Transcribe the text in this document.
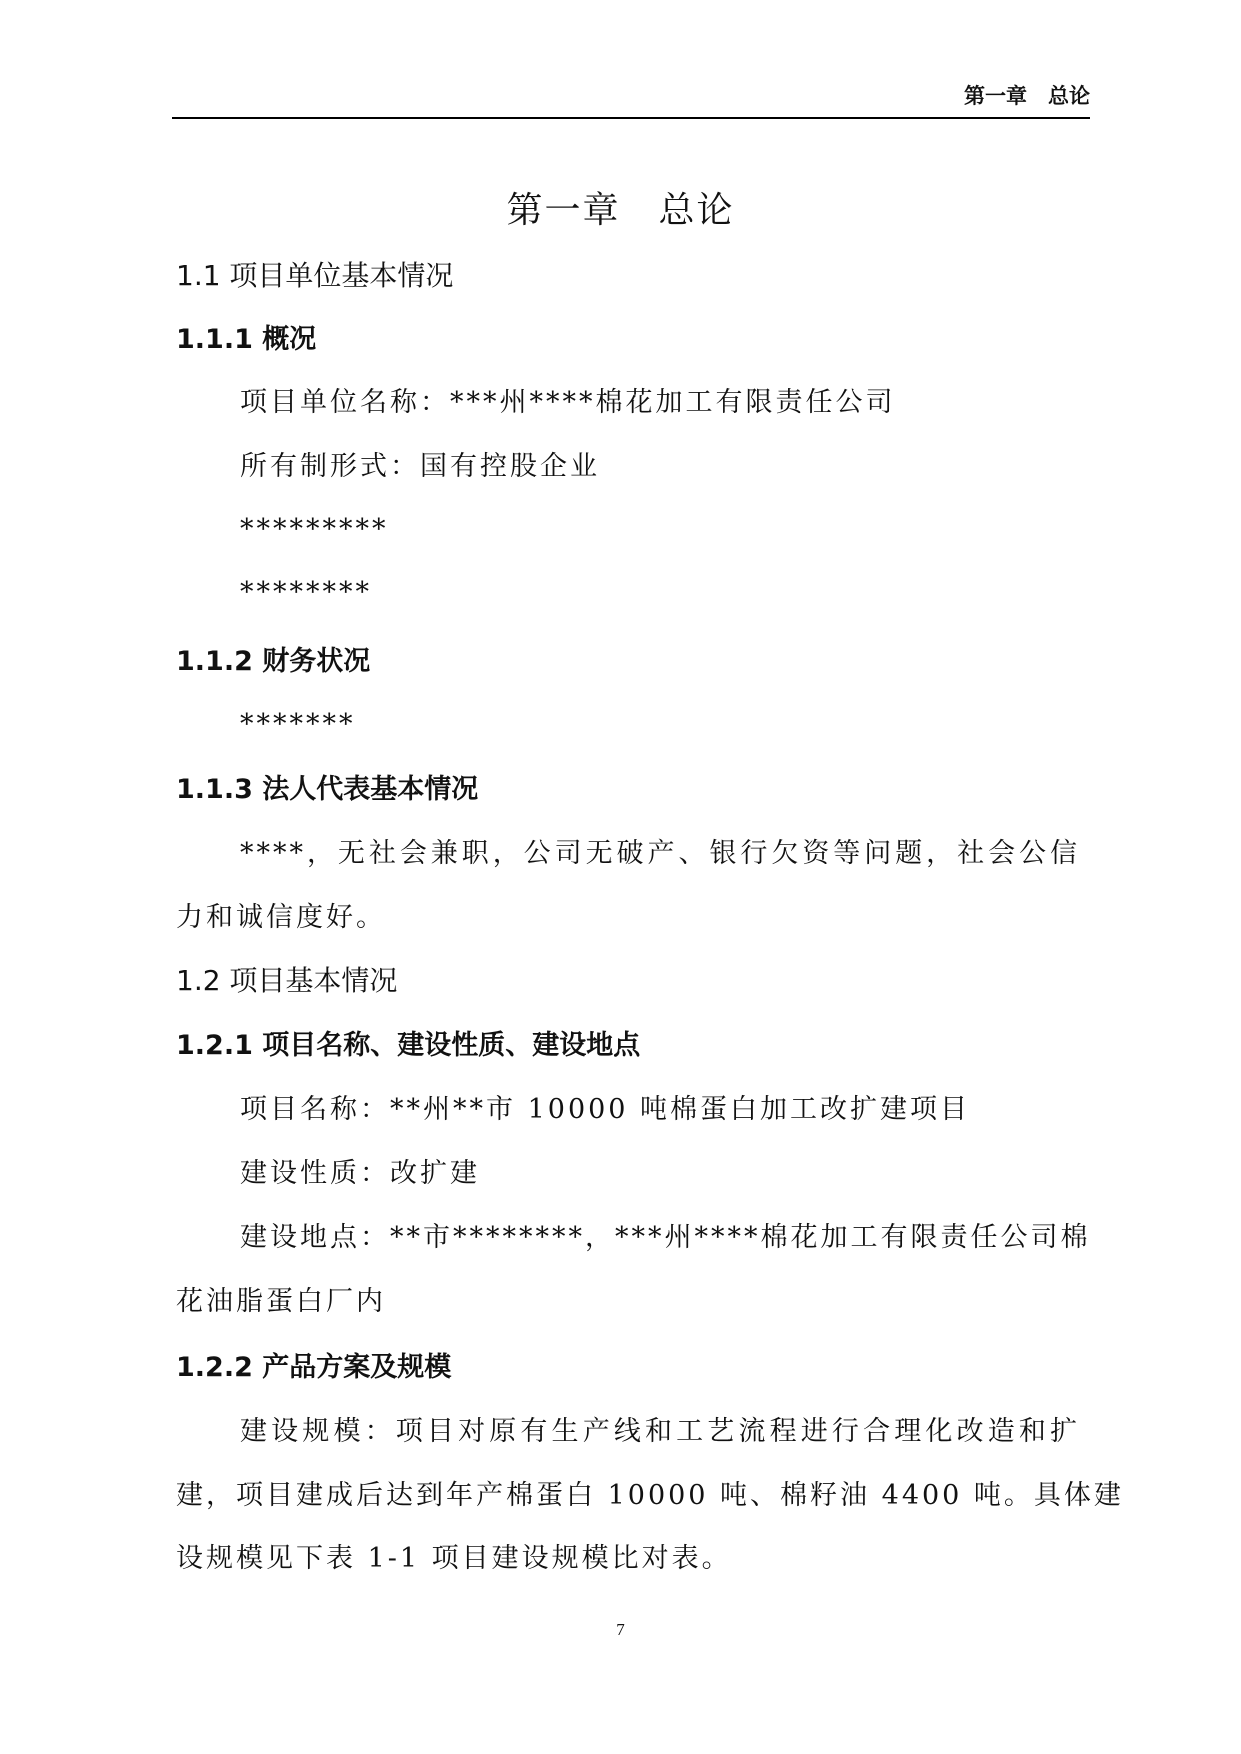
第一章　总论
第一章　总论
1.1 项目单位基本情况
1.1.1 概况
项目单位名称：***州****棉花加工有限责任公司
所有制形式：国有控股企业
*********
********
1.1.2 财务状况
*******
1.1.3 法人代表基本情况
****，无社会兼职，公司无破产、银行欠资等问题，社会公信
力和诚信度好。
1.2 项目基本情况
1.2.1 项目名称、建设性质、建设地点
项目名称：**州**市 10000 吨棉蛋白加工改扩建项目
建设性质：改扩建
建设地点：**市********，***州****棉花加工有限责任公司棉
花油脂蛋白厂内
1.2.2 产品方案及规模
建设规模：项目对原有生产线和工艺流程进行合理化改造和扩
建，项目建成后达到年产棉蛋白 10000 吨、棉籽油 4400 吨。具体建
设规模见下表 1-1 项目建设规模比对表。
7
